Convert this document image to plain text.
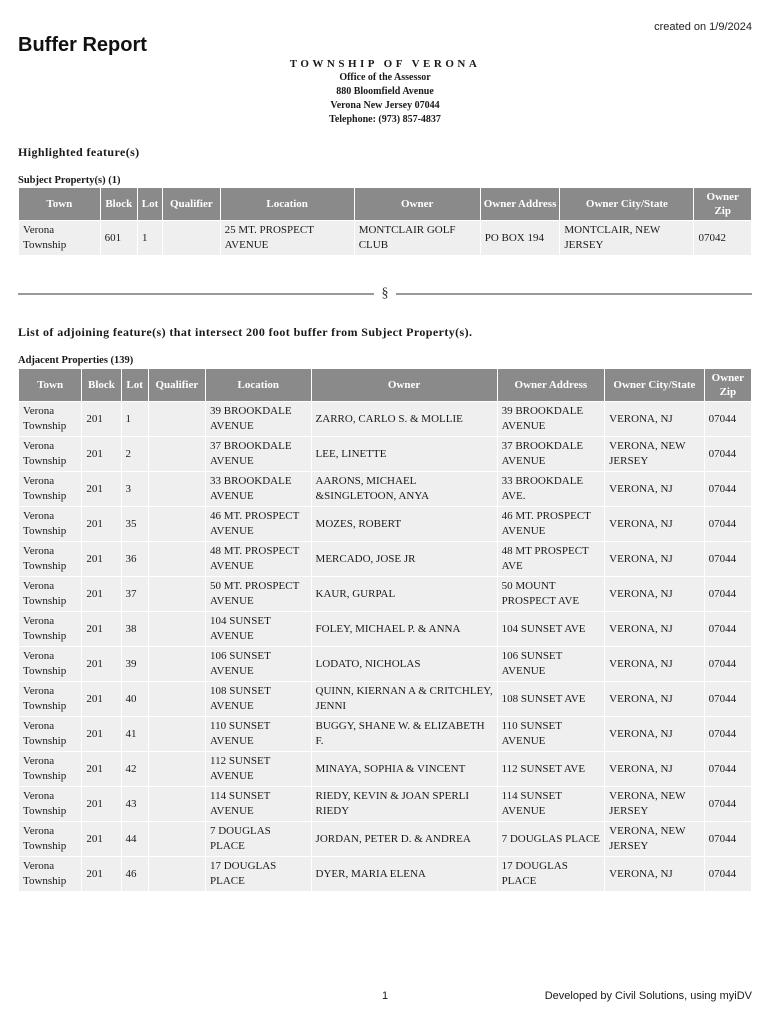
created on 1/9/2024
Buffer Report
TOWNSHIP OF VERONA
Office of the Assessor
880 Bloomfield Avenue
Verona New Jersey 07044
Telephone: (973) 857-4837
Highlighted feature(s)
Subject Property(s) (1)
Town	Block	Lot	Qualifier	Location	Owner	Owner Address	Owner City/State	Owner Zip
Verona Township	601	1		25 MT. PROSPECT AVENUE	MONTCLAIR GOLF CLUB	PO BOX 194	MONTCLAIR, NEW JERSEY	07042
§
List of adjoining feature(s) that intersect 200 foot buffer from Subject Property(s).
Adjacent Properties (139)
Town	Block	Lot	Qualifier	Location	Owner	Owner Address	Owner City/State	Owner Zip
Verona Township	201	1		39 BROOKDALE AVENUE	ZARRO, CARLO S. & MOLLIE	39 BROOKDALE AVENUE	VERONA, NJ	07044
Verona Township	201	2		37 BROOKDALE AVENUE	LEE, LINETTE	37 BROOKDALE AVENUE	VERONA, NEW JERSEY	07044
Verona Township	201	3		33 BROOKDALE AVENUE	AARONS, MICHAEL &SINGLETOON, ANYA	33 BROOKDALE AVE.	VERONA, NJ	07044
Verona Township	201	35		46 MT. PROSPECT AVENUE	MOZES, ROBERT	46 MT. PROSPECT AVENUE	VERONA, NJ	07044
Verona Township	201	36		48 MT. PROSPECT AVENUE	MERCADO, JOSE JR	48 MT PROSPECT AVE	VERONA, NJ	07044
Verona Township	201	37		50 MT. PROSPECT AVENUE	KAUR, GURPAL	50 MOUNT PROSPECT AVE	VERONA, NJ	07044
Verona Township	201	38		104 SUNSET AVENUE	FOLEY, MICHAEL P. & ANNA	104 SUNSET AVE	VERONA, NJ	07044
Verona Township	201	39		106 SUNSET AVENUE	LODATO, NICHOLAS	106 SUNSET AVENUE	VERONA, NJ	07044
Verona Township	201	40		108 SUNSET AVENUE	QUINN, KIERNAN A & CRITCHLEY, JENNI	108 SUNSET AVE	VERONA, NJ	07044
Verona Township	201	41		110 SUNSET AVENUE	BUGGY, SHANE W. & ELIZABETH F.	110 SUNSET AVENUE	VERONA, NJ	07044
Verona Township	201	42		112 SUNSET AVENUE	MINAYA, SOPHIA & VINCENT	112 SUNSET AVE	VERONA, NJ	07044
Verona Township	201	43		114 SUNSET AVENUE	RIEDY, KEVIN & JOAN SPERLI RIEDY	114 SUNSET AVENUE	VERONA, NEW JERSEY	07044
Verona Township	201	44		7 DOUGLAS PLACE	JORDAN, PETER D. & ANDREA	7 DOUGLAS PLACE	VERONA, NEW JERSEY	07044
Verona Township	201	46		17 DOUGLAS PLACE	DYER, MARIA ELENA	17 DOUGLAS PLACE	VERONA, NJ	07044
1	Developed by Civil Solutions, using myiDV
